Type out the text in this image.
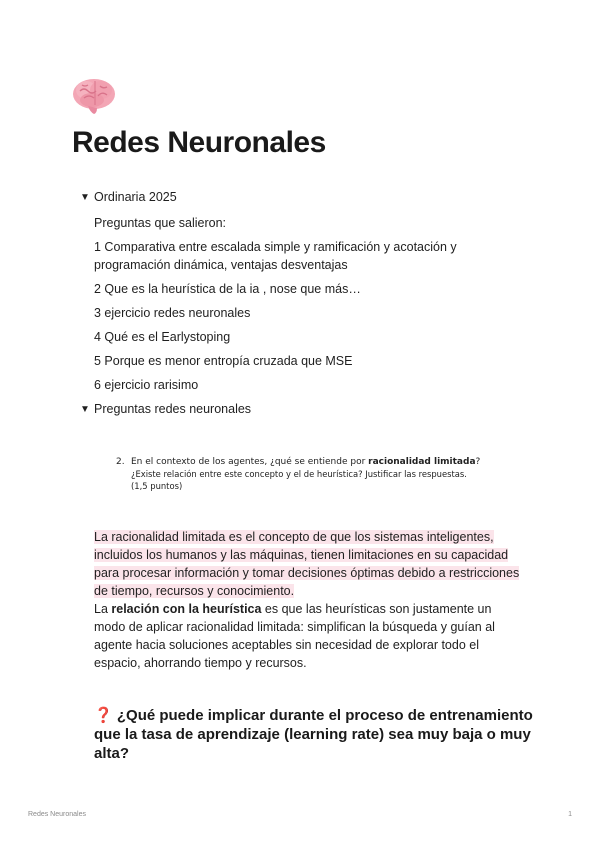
Redes Neuronales
▼ Ordinaria 2025

Preguntas que salieron:

1 Comparativa entre escalada simple y ramificación y acotación y programación dinámica, ventajas desventajas

2 Que es la heurística de la ia , nose que más…

3 ejercicio redes neuronales

4 Qué es el Earlystoping

5 Porque es menor entropía cruzada que MSE

6 ejercicio rarisimo

▼ Preguntas redes neuronales
2. En el contexto de los agentes, ¿qué se entiende por racionalidad limitada?
¿Existe relación entre este concepto y el de heurística? Justificar las respuestas.
(1,5 puntos)

La racionalidad limitada es el concepto de que los sistemas inteligentes, incluidos los humanos y las máquinas, tienen limitaciones en su capacidad para procesar información y tomar decisiones óptimas debido a restricciones de tiempo, recursos y conocimiento.

La relación con la heurística es que las heurísticas son justamente un modo de aplicar racionalidad limitada: simplifican la búsqueda y guían al agente hacia soluciones aceptables sin necesidad de explorar todo el espacio, ahorrando tiempo y recursos.

❓ ¿Qué puede implicar durante el proceso de entrenamiento que la tasa de aprendizaje (learning rate) sea muy baja o muy alta?
Redes Neuronales	1
